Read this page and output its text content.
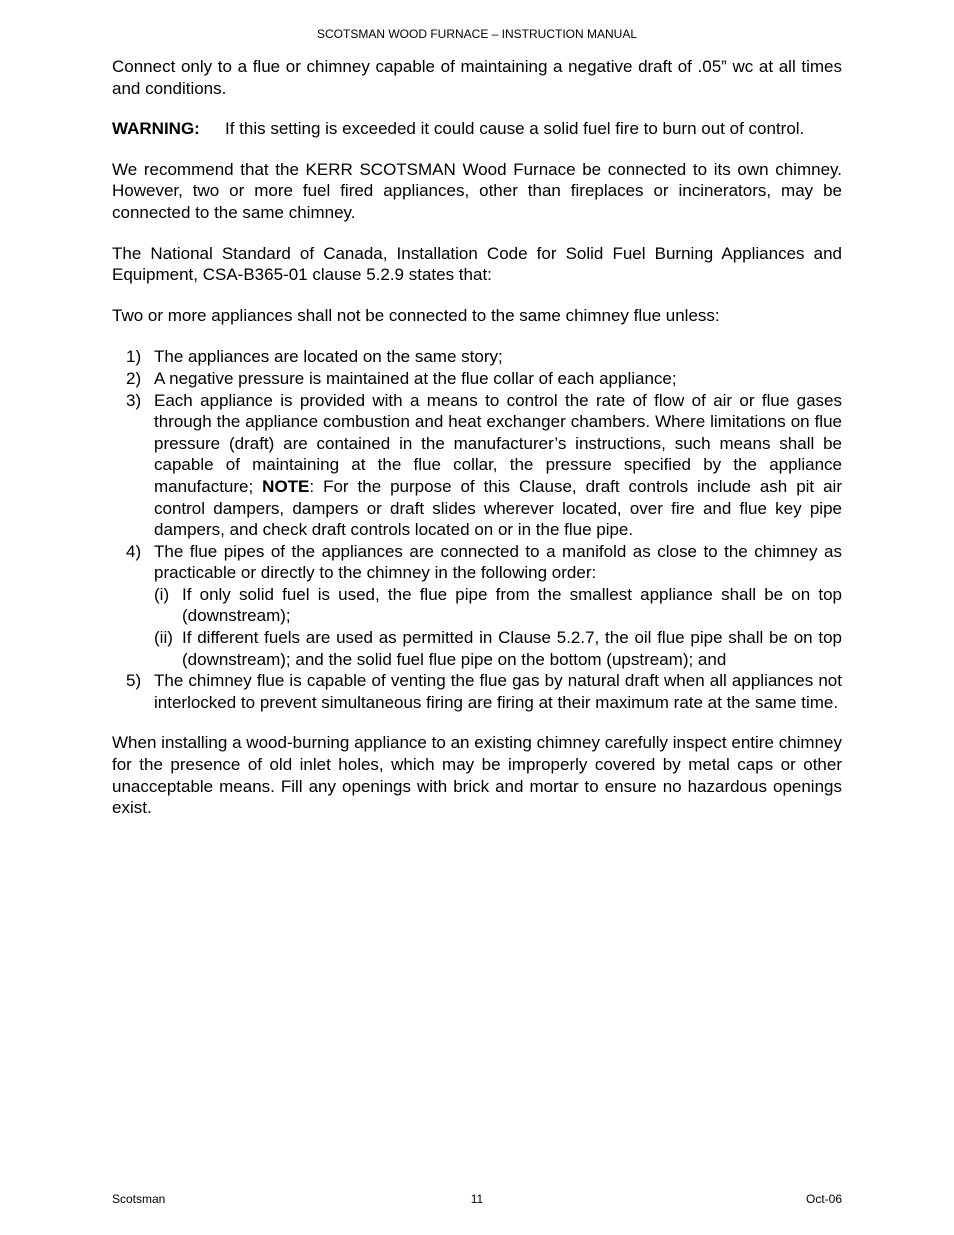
SCOTSMAN WOOD FURNACE – INSTRUCTION MANUAL

Connect only to a flue or chimney capable of maintaining a negative draft of .05” wc at all times and conditions.

WARNING:	If this setting is exceeded it could cause a solid fuel fire to burn out of control.

We recommend that the KERR SCOTSMAN Wood Furnace be connected to its own chimney. However, two or more fuel fired appliances, other than fireplaces or incinerators, may be connected to the same chimney.

The National Standard of Canada, Installation Code for Solid Fuel Burning Appliances and Equipment, CSA-B365-01 clause 5.2.9 states that:

Two or more appliances shall not be connected to the same chimney flue unless:

1) The appliances are located on the same story;
2) A negative pressure is maintained at the flue collar of each appliance;
3) Each appliance is provided with a means to control the rate of flow of air or flue gases through the appliance combustion and heat exchanger chambers. Where limitations on flue pressure (draft) are contained in the manufacturer’s instructions, such means shall be capable of maintaining at the flue collar, the pressure specified by the appliance manufacture; NOTE: For the purpose of this Clause, draft controls include ash pit air control dampers, dampers or draft slides wherever located, over fire and flue key pipe dampers, and check draft controls located on or in the flue pipe.
4) The flue pipes of the appliances are connected to a manifold as close to the chimney as practicable or directly to the chimney in the following order:
(i) If only solid fuel is used, the flue pipe from the smallest appliance shall be on top (downstream);
(ii) If different fuels are used as permitted in Clause 5.2.7, the oil flue pipe shall be on top (downstream); and the solid fuel flue pipe on the bottom (upstream); and
5) The chimney flue is capable of venting the flue gas by natural draft when all appliances not interlocked to prevent simultaneous firing are firing at their maximum rate at the same time.

When installing a wood-burning appliance to an existing chimney carefully inspect entire chimney for the presence of old inlet holes, which may be improperly covered by metal caps or other unacceptable means. Fill any openings with brick and mortar to ensure no hazardous openings exist.

Scotsman	11	Oct-06
